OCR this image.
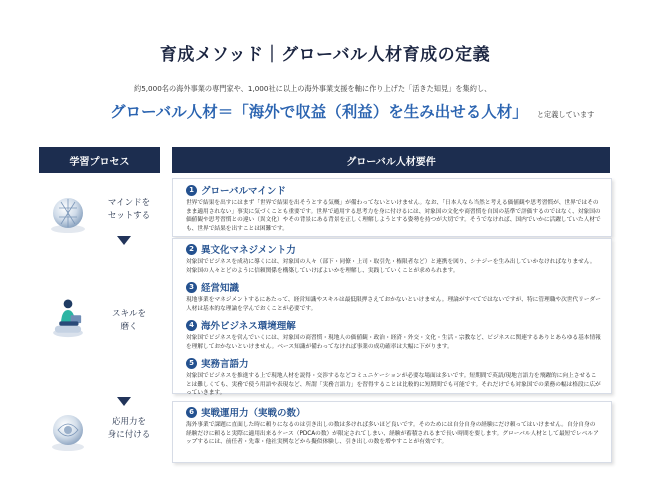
育成メソッド｜グローバル人材育成の定義
約5,000名の海外事業の専門家や、1,000社に以上の海外事業支援を軸に作り上げた「活きた知見」を集約し、
グローバル人材＝「海外で収益（利益）を生み出せる人材」 と定義しています
学習プロセス	グローバル人材要件
マインドを
セットする
スキルを
磨く
応用力を
身に付ける
1 グローバルマインド
世界で結果を出すにはまず「世界で結果を出そうとする気概」が備わってないといけません。なお、「日本人なら当然と考える価値観や思考習慣が、世界ではそのまま適用されない」事実に気づくことも重要です。世界で通用する思考力を身に付けるには、対象国の文化や商習慣を自国の基準で評価するのではなく、対象国の価値観や思考習慣との違い（異文化）やその背景にある背景を正しく理解しようとする姿勢を持つが大切です。そうでなければ、国内でいかに活躍していた人材でも、世界で結果を出すことは困難です。
2 異文化マネジメント力
対象国でビジネスを成功に導くには、対象国の人々（部下・同僚・上司・取引先・権限者など）と連携を図り、シナジーを生み出していかなければなりません。対象国の人々とどのように信頼関係を構築していけばよいかを理解し、実践していくことが求められます。
3 経営知識
現地事業をマネジメントするにあたって、経営知識やスキルは最低限押さえておかないといけません。理論がすべてではないですが、特に管理職や次世代リーダー人材は基本的な理論を学んでおくことが必要です。
4 海外ビジネス環境理解
対象国でビジネスを営んでいくには、対象国の商習慣・現地人の価値観・政治・経済・外交・文化・生活・宗教など、ビジネスに関連するありとあらゆる基本情報を理解しておかないといけません。ベース知識が備わってなければ事業の成功確率は大幅に下がります。
5 実務言語力
対象国でビジネスを推進する上で現地人材を説得・交渉するなどコミュニケーションが必要な場面は多いです。短期間で英語/現地言語力を飛躍的に向上させることは難しくても、実務で使う用語や表現など、所謂「実務言語力」を習得することは比較的に短期間でも可能です。それだけでも対象国での業務の幅は格段に広がっていきます。
6 実戦運用力（実戦の数）
海外事業で課題に直面した時に頼りになるのは引き出しの数は多ければ多いほど良いです。そのためには自分自身の経験にだけ頼ってはいけません。自分自身の経験だけに頼ると実際に適用出来るケース（PDCAの数）が限定されてしまい、経験が蓄積されるまで長い時間を要します。グローバル人材として最短でレベルアップするには、前任者・先輩・他社実例などから擬似体験し、引き出しの数を増やすことが有効です。
